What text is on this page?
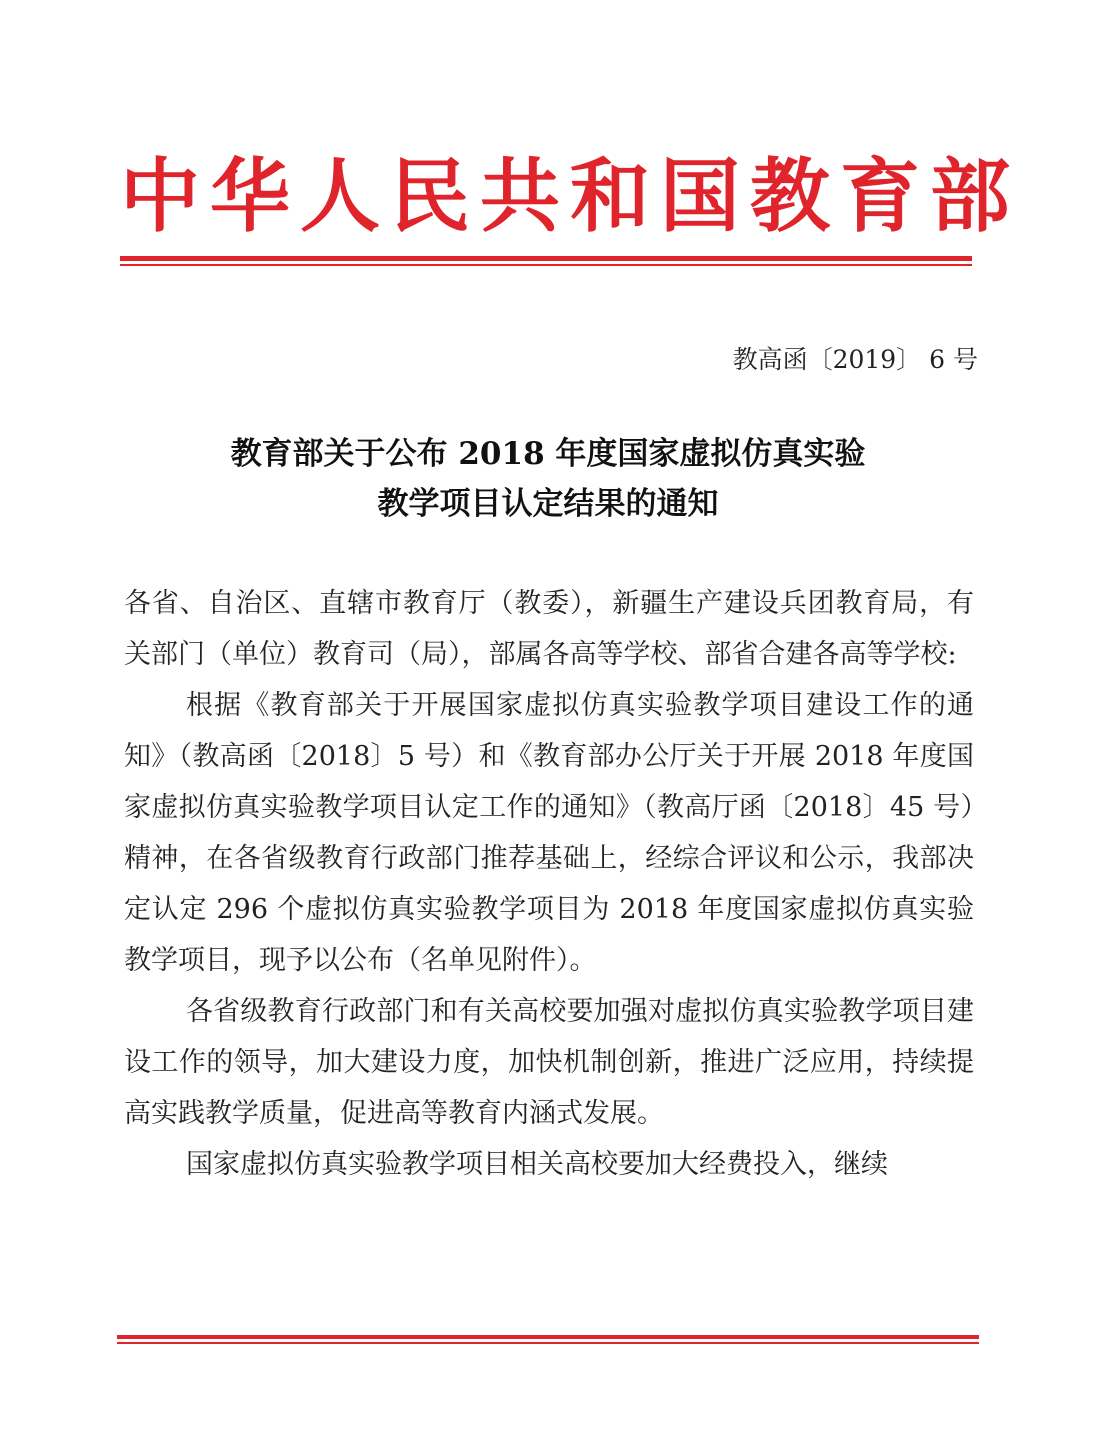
中华人民共和国教育部
教高函〔2019〕 6 号
教育部关于公布 2018 年度国家虚拟仿真实验
教学项目认定结果的通知

各省、自治区、直辖市教育厅（教委），新疆生产建设兵团教育局，有关部门（单位）教育司（局），部属各高等学校、部省合建各高等学校:

根据《教育部关于开展国家虚拟仿真实验教学项目建设工作的通知》（教高函〔2018〕5 号）和《教育部办公厅关于开展 2018 年度国家虚拟仿真实验教学项目认定工作的通知》（教高厅函〔2018〕45 号）精神，在各省级教育行政部门推荐基础上，经综合评议和公示，我部决定认定 296 个虚拟仿真实验教学项目为 2018 年度国家虚拟仿真实验教学项目，现予以公布（名单见附件）。

各省级教育行政部门和有关高校要加强对虚拟仿真实验教学项目建设工作的领导，加大建设力度，加快机制创新，推进广泛应用，持续提高实践教学质量，促进高等教育内涵式发展。

国家虚拟仿真实验教学项目相关高校要加大经费投入，继续
